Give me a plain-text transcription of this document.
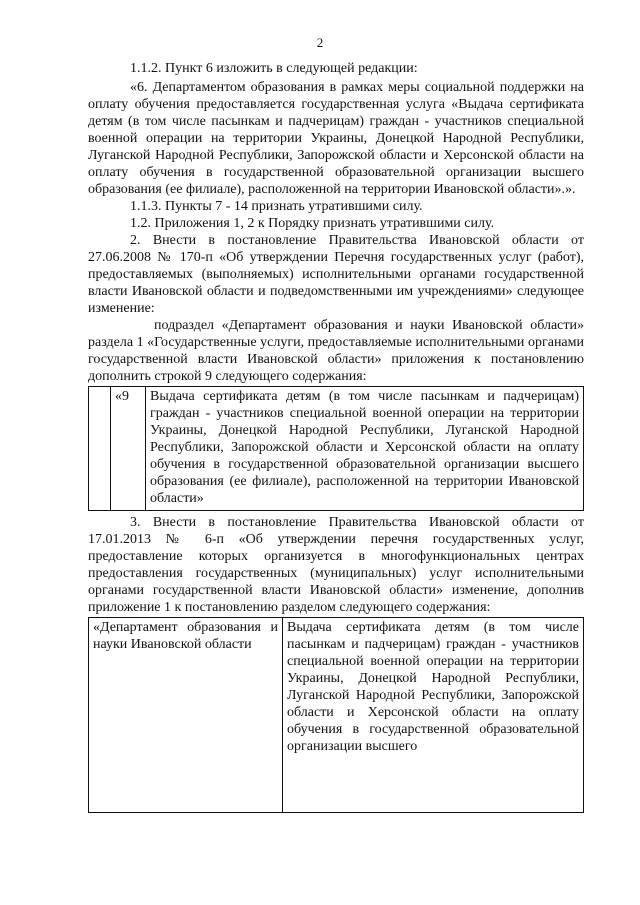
2

1.1.2. Пункт 6 изложить в следующей редакции:

«6. Департаментом образования в рамках меры социальной поддержки на оплату обучения предоставляется государственная услуга «Выдача сертификата детям (в том числе пасынкам и падчерицам) граждан - участников специальной военной операции на территории Украины, Донецкой Народной Республики, Луганской Народной Республики, Запорожской области и Херсонской области на оплату обучения в государственной образовательной организации высшего образования (ее филиале), расположенной на территории Ивановской области».».

1.1.3. Пункты 7 - 14 признать утратившими силу.

1.2. Приложения 1, 2 к Порядку признать утратившими силу.

2. Внести в постановление Правительства Ивановской области от 27.06.2008 № 170-п «Об утверждении Перечня государственных услуг (работ), предоставляемых (выполняемых) исполнительными органами государственной власти Ивановской области и подведомственными им учреждениями» следующее изменение:

подраздел «Департамент образования и науки Ивановской области» раздела 1 «Государственные услуги, предоставляемые исполнительными органами государственной власти Ивановской области» приложения к постановлению дополнить строкой 9 следующего содержания:

	«9	Выдача сертификата детям (в том числе пасынкам и падчерицам) граждан - участников специальной военной операции на территории Украины, Донецкой Народной Республики, Луганской Народной Республики, Запорожской области и Херсонской области на оплату обучения в государственной образовательной организации высшего образования (ее филиале), расположенной на территории Ивановской области»

3. Внести в постановление Правительства Ивановской области от 17.01.2013 № 6-п «Об утверждении перечня государственных услуг, предоставление которых организуется в многофункциональных центрах предоставления государственных (муниципальных) услуг исполнительными органами государственной власти Ивановской области» изменение, дополнив приложение 1 к постановлению разделом следующего содержания:

«Департамент образования и науки Ивановской области	Выдача сертификата детям (в том числе пасынкам и падчерицам) граждан - участников специальной военной операции на территории Украины, Донецкой Народной Республики, Луганской Народной Республики, Запорожской области и Херсонской области на оплату обучения в государственной образовательной организации высшего
